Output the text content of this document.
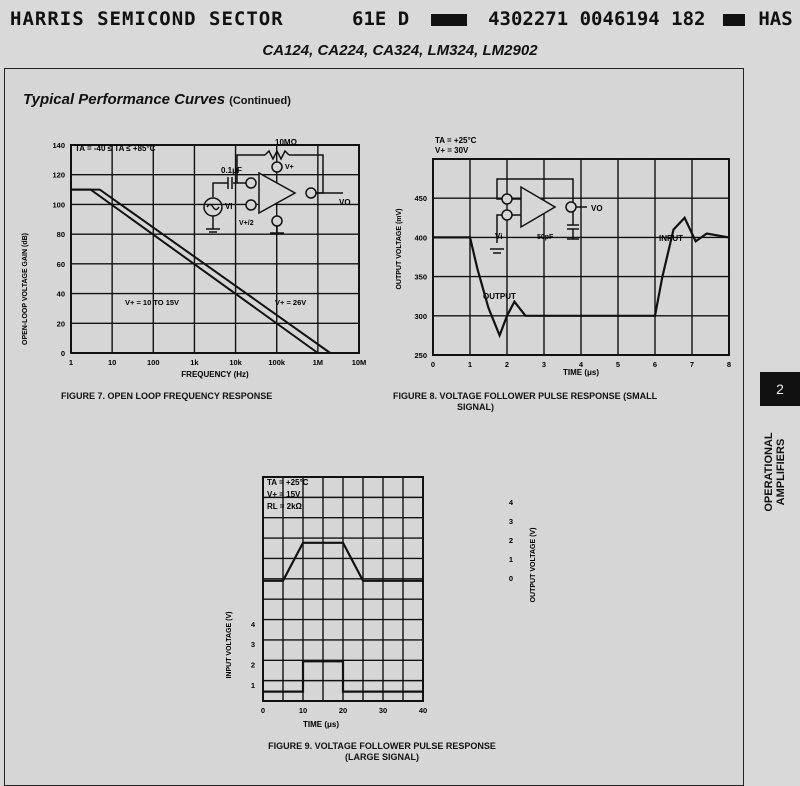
HARRIS SEMICOND SECTOR	61E D	4302271 0046194 182	HAS
CA124, CA224, CA324, LM324, LM2902
Typical Performance Curves (Continued)
1	10	100	1k	10k	100k	1M	10M
0
20
40
60
80
100
120
140 TA = -40 ≤ TA ≤ +85°C
OPEN-LOOP VOLTAGE GAIN (dB)
FREQUENCY (Hz)
V+ = 10 TO 15V	V+ = 26V
10MΩ
0.1μF
Vi
V+/2
V+
VO
FIGURE 7. OPEN LOOP FREQUENCY RESPONSE
0	1	2	3	4	5	6	7	8
250
300
350
400
450
TA = +25°C
V+ = 30V
OUTPUT VOLTAGE (mV)
TIME (μs)
OUTPUT
INPUT
50pF
Vi
VO
FIGURE 8. VOLTAGE FOLLOWER PULSE RESPONSE (SMALL
SIGNAL)
0	10	20	30	40
1
2
3
4
0
1
2
3
4
TA = +25°C
V+ = 15V
RL = 2kΩ
INPUT VOLTAGE (V)
OUTPUT VOLTAGE (V)
TIME (μs)
FIGURE 9. VOLTAGE FOLLOWER PULSE RESPONSE
(LARGE SIGNAL)
2
OPERATIONAL AMPLIFIERS
